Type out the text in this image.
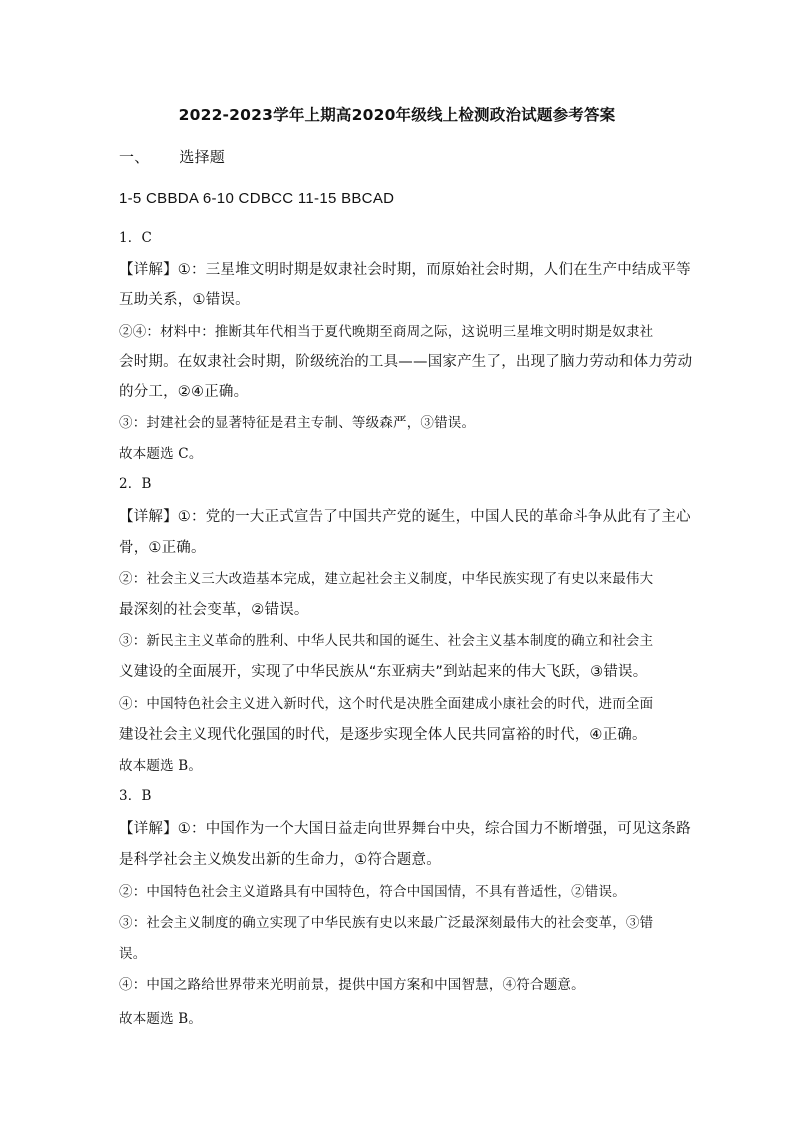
2022-2023学年上期高2020年级线上检测政治试题参考答案
一、 选择题
1-5 CBBDA 6-10 CDBCC 11-15 BBCAD
1．C
【详解】①：三星堆文明时期是奴隶社会时期，而原始社会时期，人们在生产中结成平等
互助关系，①错误。
②④：材料中：推断其年代相当于夏代晚期至商周之际，这说明三星堆文明时期是奴隶社
会时期。在奴隶社会时期，阶级统治的工具——国家产生了，出现了脑力劳动和体力劳动
的分工，②④正确。
③：封建社会的显著特征是君主专制、等级森严，③错误。
故本题选 C。
2．B
【详解】①：党的一大正式宣告了中国共产党的诞生，中国人民的革命斗争从此有了主心
骨，①正确。
②：社会主义三大改造基本完成，建立起社会主义制度，中华民族实现了有史以来最伟大
最深刻的社会变革，②错误。
③：新民主主义革命的胜利、中华人民共和国的诞生、社会主义基本制度的确立和社会主
义建设的全面展开，实现了中华民族从“东亚病夫”到站起来的伟大飞跃，③错误。
④：中国特色社会主义进入新时代，这个时代是决胜全面建成小康社会的时代，进而全面
建设社会主义现代化强国的时代，是逐步实现全体人民共同富裕的时代，④正确。
故本题选 B。
3．B
【详解】①：中国作为一个大国日益走向世界舞台中央，综合国力不断增强，可见这条路
是科学社会主义焕发出新的生命力，①符合题意。
②：中国特色社会主义道路具有中国特色，符合中国国情，不具有普适性，②错误。
③：社会主义制度的确立实现了中华民族有史以来最广泛最深刻最伟大的社会变革，③错
误。
④：中国之路给世界带来光明前景，提供中国方案和中国智慧，④符合题意。
故本题选 B。
